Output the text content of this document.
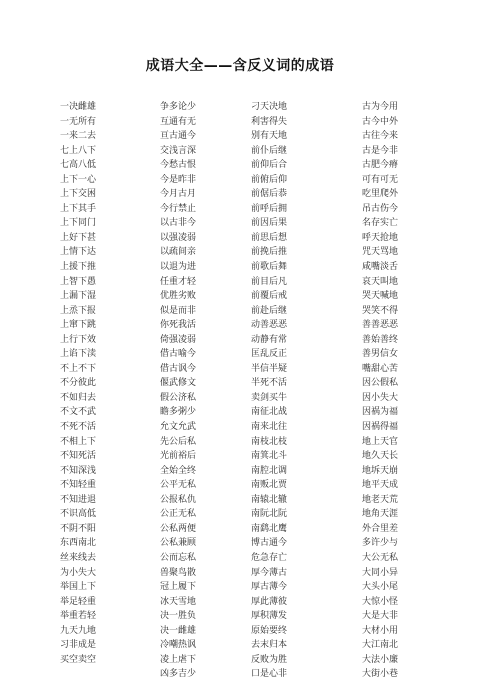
成语大全——含反义词的成语
一决雌雄
一无所有
一来二去
七上八下
七高八低
上下一心
上下交困
上下其手
上下同门
上好下甚
上情下达
上援下推
上智下愚
上漏下湿
上烝下报
上窜下跳
上行下效
上谄下渎
不上不下
不分彼此
不如归去
不文不武
不死不活
不相上下
不知死活
不知深浅
不知轻重
不知进退
不识高低
不阴不阳
东西南北
丝来线去
为小失大
举国上下
举足轻重
举重若轻
九天九地
习非成是
买空卖空
争多论少
互通有无
亘古通今
交浅言深
今愁古恨
今是昨非
今月古月
今行禁止
以古非今
以强凌弱
以疏间亲
以退为进
任重才轻
优胜劣败
似是而非
你死我活
倚强凌弱
借古喻今
借古讽今
偃武修文
假公济私
瞻多粥少
允文允武
先公后私
光前裕后
全始全终
公平无私
公报私仇
公正无私
公私两便
公私兼顾
公而忘私
兽聚鸟散
冠上履下
冰天雪地
决一胜负
决一雌雄
冷嘲热讽
凌上虐下
凶多吉少
刁天决地
利害得失
别有天地
前仆后继
前仰后合
前俯后仰
前倨后恭
前呼后拥
前因后果
前思后想
前挽后推
前歌后舞
前目后凡
前覆后戒
前赴后继
动善恶恶
动静有常
匡乱反正
半信半疑
半死不活
卖剑买牛
南征北战
南来北往
南枝北枝
南箕北斗
南腔北调
南贩北贾
南辕北辙
南阮北阮
南鹞北鹰
博古通今
危急存亡
厚今薄古
厚古薄今
厚此薄彼
厚积薄发
原始要终
去末归本
反败为胜
口是心非
古为今用
古今中外
古往今来
古是今非
古肥今瘠
可有可无
吃里爬外
吊古伤今
名存实亡
呼天抢地
咒天骂地
咸嘴淡舌
哀天叫地
哭天喊地
哭笑不得
善善恶恶
善始善终
善男信女
嘴甜心苦
因公假私
因小失大
因祸为福
因祸得福
地上天官
地久天长
地坼天崩
地平天成
地老天荒
地角天涯
外合里差
多许少与
大公无私
大同小异
大头小尾
大惊小怪
大是大非
大材小用
大江南北
大法小廉
大街小巷
